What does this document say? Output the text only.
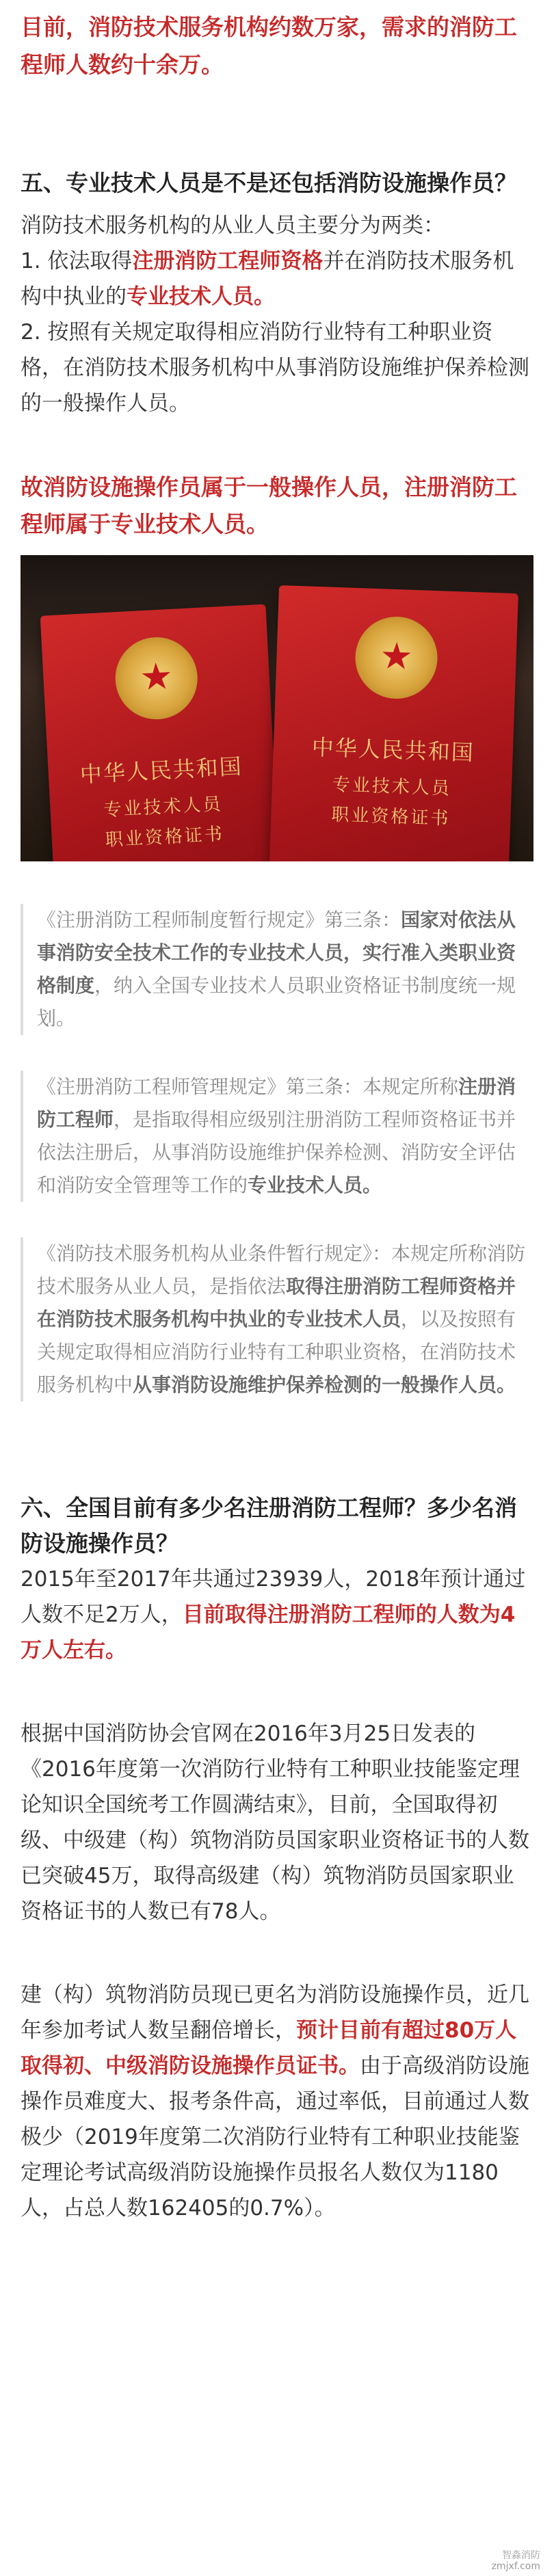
目前，消防技术服务机构约数万家，需求的消防工程师人数约十余万。

五、专业技术人员是不是还包括消防设施操作员？

消防技术服务机构的从业人员主要分为两类：

1. 依法取得注册消防工程师资格并在消防技术服务机构中执业的专业技术人员。

2. 按照有关规定取得相应消防行业特有工种职业资格，在消防技术服务机构中从事消防设施维护保养检测的一般操作人员。

故消防设施操作员属于一般操作人员，注册消防工程师属于专业技术人员。

★
中华人民共和国
专业技术人员
职业资格证书
★
中华人民共和国
专业技术人员
职业资格证书

《注册消防工程师制度暂行规定》第三条：国家对依法从事消防安全技术工作的专业技术人员，实行准入类职业资格制度，纳入全国专业技术人员职业资格证书制度统一规划。

《注册消防工程师管理规定》第三条：本规定所称注册消防工程师，是指取得相应级别注册消防工程师资格证书并依法注册后，从事消防设施维护保养检测、消防安全评估和消防安全管理等工作的专业技术人员。

《消防技术服务机构从业条件暂行规定》：本规定所称消防技术服务从业人员，是指依法取得注册消防工程师资格并在消防技术服务机构中执业的专业技术人员，以及按照有关规定取得相应消防行业特有工种职业资格，在消防技术服务机构中从事消防设施维护保养检测的一般操作人员。

六、全国目前有多少名注册消防工程师？多少名消防设施操作员？

2015年至2017年共通过23939人，2018年预计通过人数不足2万人，目前取得注册消防工程师的人数为4万人左右。

根据中国消防协会官网在2016年3月25日发表的《2016年度第一次消防行业特有工种职业技能鉴定理论知识全国统考工作圆满结束》，目前，全国取得初级、中级建（构）筑物消防员国家职业资格证书的人数已突破45万，取得高级建（构）筑物消防员国家职业资格证书的人数已有78人。

建（构）筑物消防员现已更名为消防设施操作员，近几年参加考试人数呈翻倍增长，预计目前有超过80万人取得初、中级消防设施操作员证书。由于高级消防设施操作员难度大、报考条件高，通过率低，目前通过人数极少（2019年度第二次消防行业特有工种职业技能鉴定理论考试高级消防设施操作员报名人数仅为1180人，占总人数162405的0.7%）。

智淼消防
zmjxf.com
